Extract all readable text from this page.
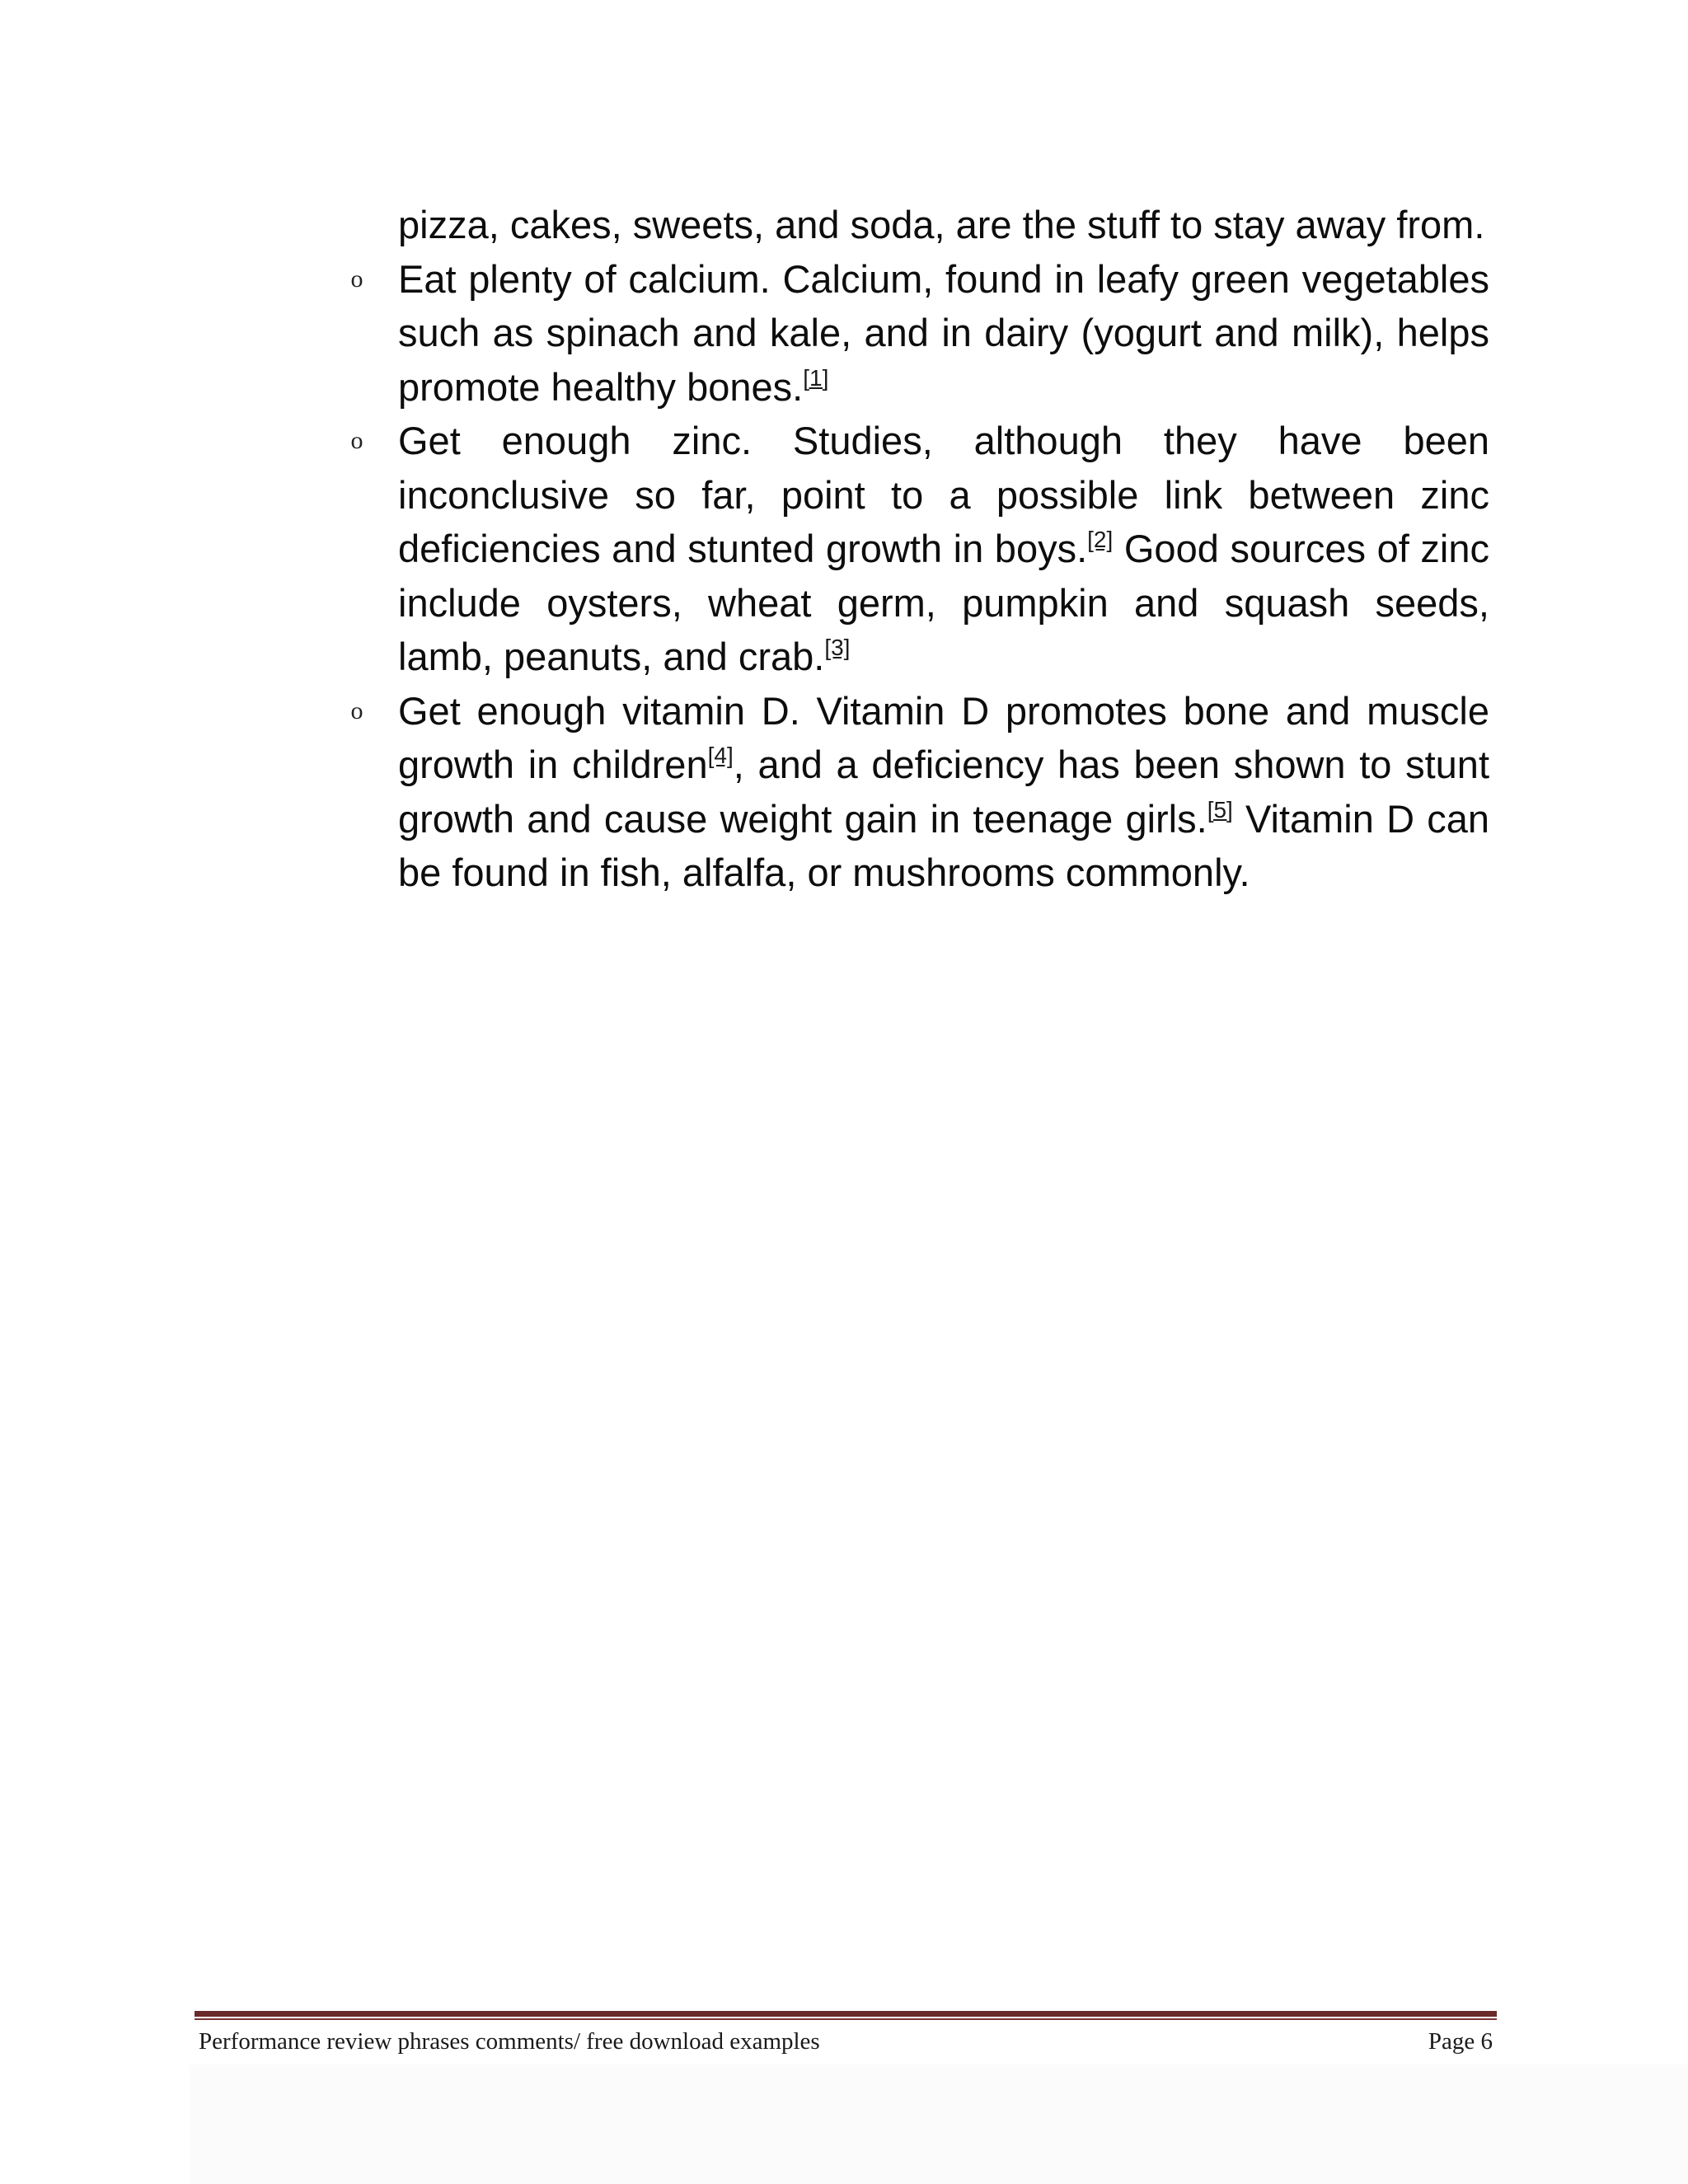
pizza, cakes, sweets, and soda, are the stuff to stay away from.

o Eat plenty of calcium. Calcium, found in leafy green vegetables such as spinach and kale, and in dairy (yogurt and milk), helps promote healthy bones.[1]
o Get enough zinc. Studies, although they have been inconclusive so far, point to a possible link between zinc deficiencies and stunted growth in boys.[2] Good sources of zinc include oysters, wheat germ, pumpkin and squash seeds, lamb, peanuts, and crab.[3]
o Get enough vitamin D. Vitamin D promotes bone and muscle growth in children[4], and a deficiency has been shown to stunt growth and cause weight gain in teenage girls.[5] Vitamin D can be found in fish, alfalfa, or mushrooms commonly.
Performance review phrases comments/ free download examples	Page 6
